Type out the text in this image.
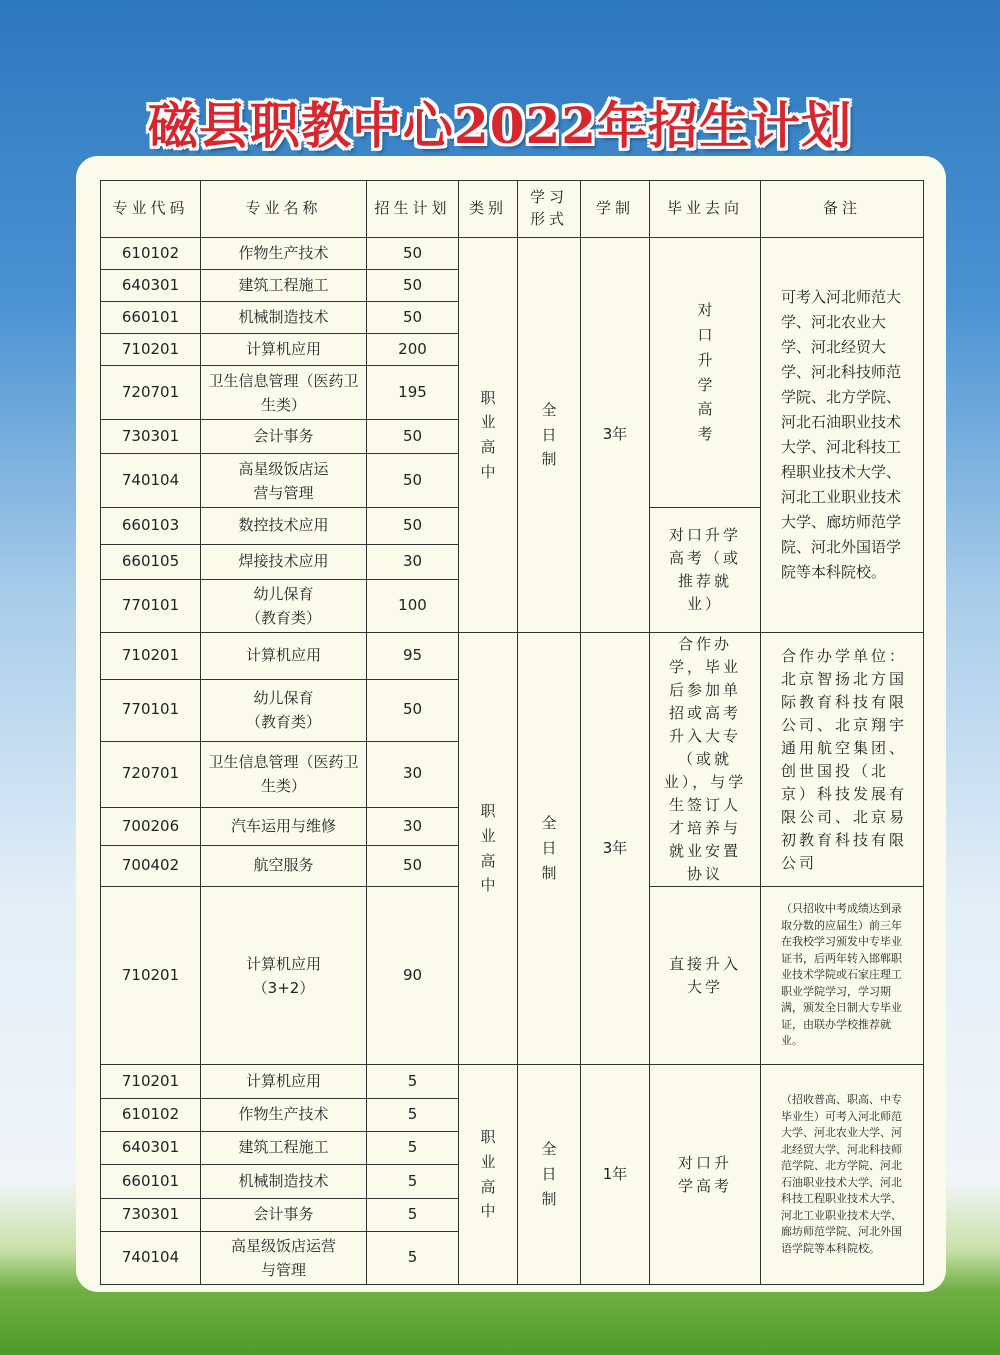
磁县职教中心2022年招生计划
专业代码	专业名称	招生计划	类别	学习形式	学制	毕业去向	备注
610102	作物生产技术	50	职业高中	全日制	3年	对口升学高考	可考入河北师范大学、河北农业大学、河北经贸大学、河北科技师范学院、北方学院、河北石油职业技术大学、河北科技工程职业技术大学、河北工业职业技术大学、廊坊师范学院、河北外国语学院等本科院校。
640301	建筑工程施工	50					
660101	机械制造技术	50					
710201	计算机应用	200					
720701	卫生信息管理（医药卫生类）	195					
730301	会计事务	50					
740104	高星级饭店运营与管理	50					
660103	数控技术应用	50				对口升学高考（或推荐就业）	
660105	焊接技术应用	30					
770101	幼儿保育（教育类）	100					
710201	计算机应用	95	职业高中	全日制	3年	合作办学，毕业后参加单招或高考升入大专（或就业），与学生签订人才培养与就业安置协议	合作办学单位：北京智扬北方国际教育科技有限公司、北京翔宇通用航空集团、创世国投（北京）科技发展有限公司、北京易初教育科技有限公司
770101	幼儿保育（教育类）	50					
720701	卫生信息管理（医药卫生类）	30					
700206	汽车运用与维修	30					
700402	航空服务	50					
710201	计算机应用（3+2）	90				直接升入大学	（只招收中考成绩达到录取分数的应届生）前三年在我校学习颁发中专毕业证书，后两年转入邯郸职业技术学院或石家庄理工职业学院学习，学习期满，颁发全日制大专毕业证，由联办学校推荐就业。
710201	计算机应用	5	职业高中	全日制	1年	对口升学高考	（招收普高、职高、中专毕业生）可考入河北师范大学、河北农业大学、河北经贸大学、河北科技师范学院、北方学院、河北石油职业技术大学、河北科技工程职业技术大学、河北工业职业技术大学、廊坊师范学院、河北外国语学院等本科院校。
610102	作物生产技术	5					
640301	建筑工程施工	5					
660101	机械制造技术	5					
730301	会计事务	5					
740104	高星级饭店运营与管理	5					
